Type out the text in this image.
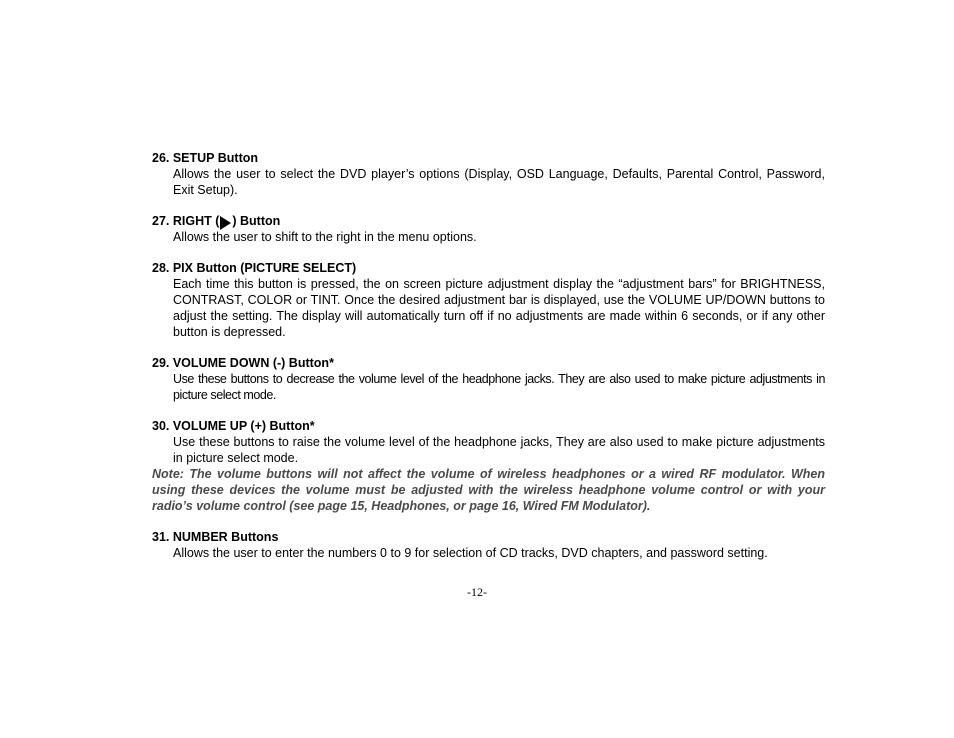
26. SETUP Button
Allows the user to select the DVD player’s options (Display, OSD Language, Defaults, Parental Control, Password, Exit Setup).
27. RIGHT ( ) Button
Allows the user to shift to the right in the menu options.
28. PIX Button (PICTURE SELECT)
Each time this button is pressed, the on screen picture adjustment display the “adjustment bars” for BRIGHTNESS, CONTRAST, COLOR or TINT. Once the desired adjustment bar is displayed, use the VOLUME UP/DOWN buttons to adjust the setting. The display will automatically turn off if no adjustments are made within 6 seconds, or if any other button is depressed.
29. VOLUME DOWN (-) Button*
Use these buttons to decrease the volume level of the headphone jacks. They are also used to make picture adjustments in picture select mode.
30. VOLUME UP (+) Button*
Use these buttons to raise the volume level of the headphone jacks, They are also used to make picture adjustments in picture select mode.
Note: The volume buttons will not affect the volume of wireless headphones or a wired RF modulator. When using these devices the volume must be adjusted with the wireless headphone volume control or with your radio’s volume control (see page 15, Headphones, or page 16, Wired FM Modulator).
31. NUMBER Buttons
Allows the user to enter the numbers 0 to 9 for selection of CD tracks, DVD chapters, and password setting.
-12-
